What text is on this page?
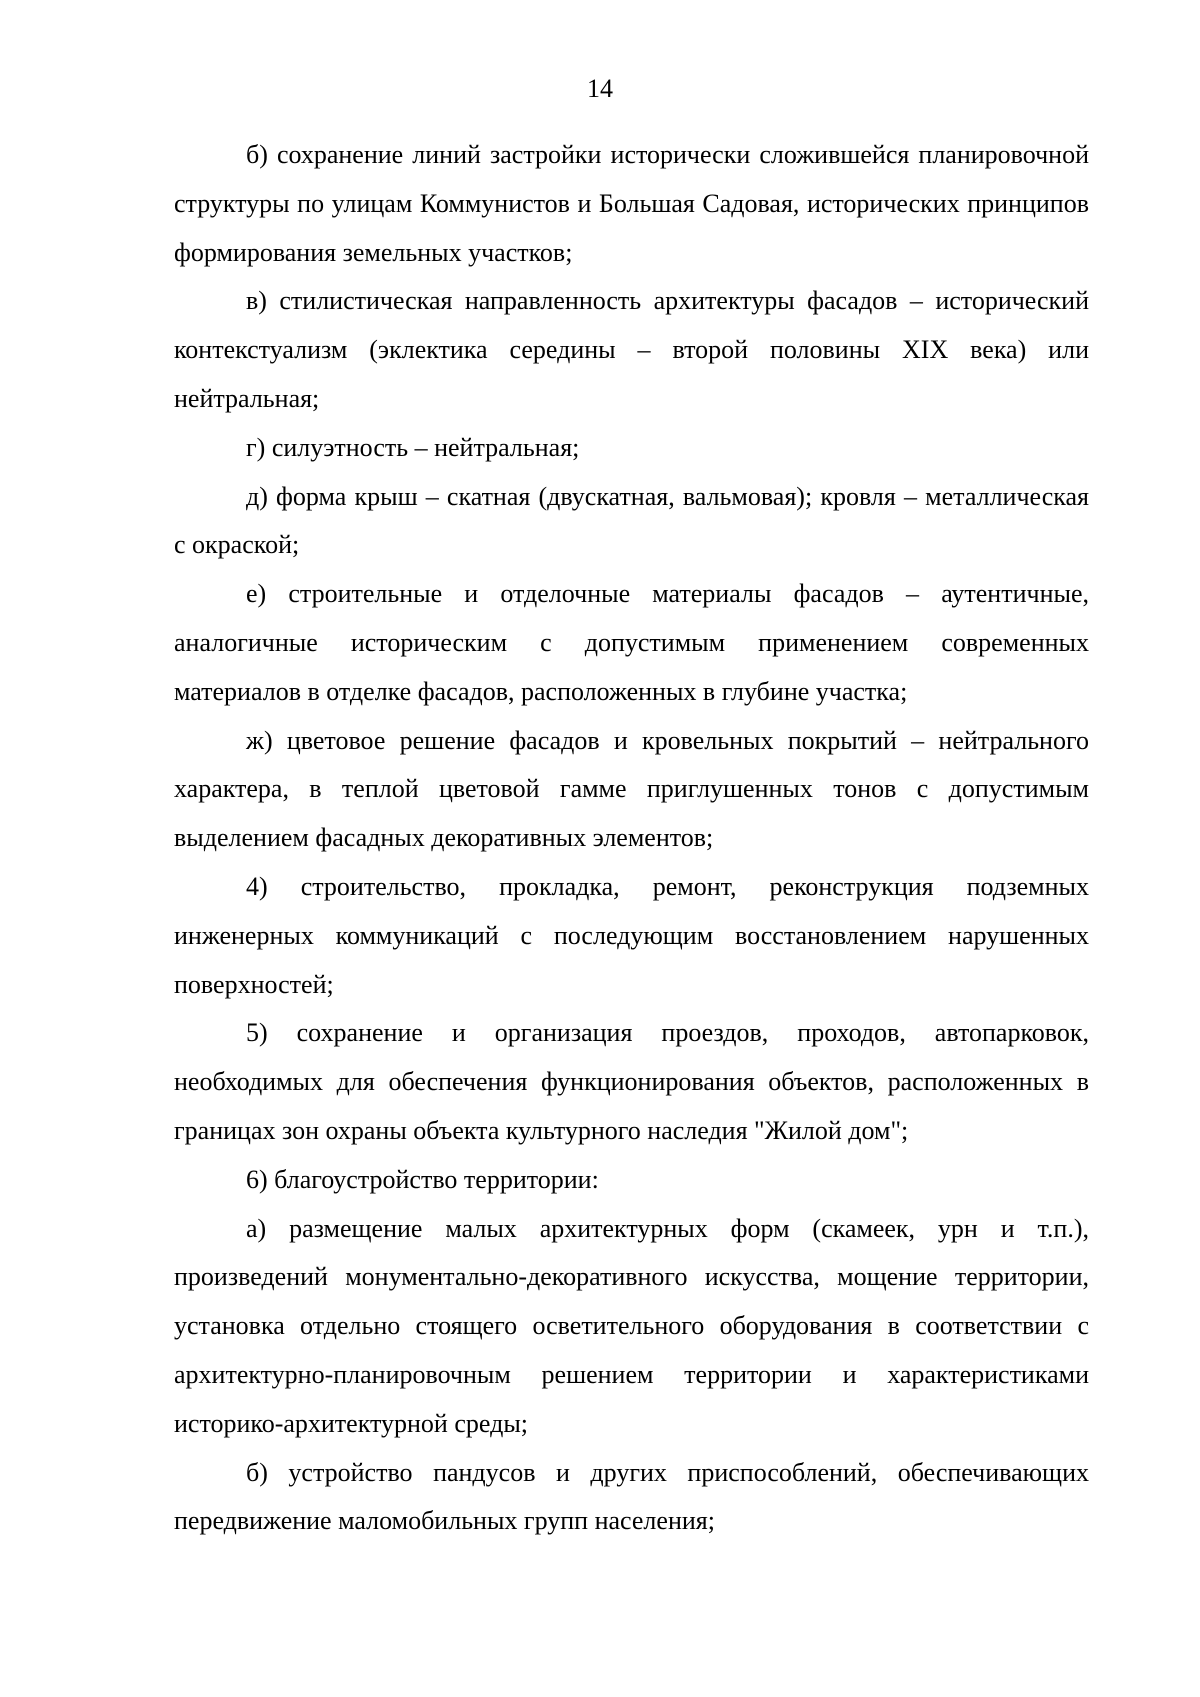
14

б) сохранение линий застройки исторически сложившейся планировочной структуры по улицам Коммунистов и Большая Садовая, исторических принципов формирования земельных участков;

в) стилистическая направленность архитектуры фасадов – исторический контекстуализм (эклектика середины – второй половины XIX века) или нейтральная;

г) силуэтность – нейтральная;

д) форма крыш – скатная (двускатная, вальмовая); кровля – металлическая с окраской;

е) строительные и отделочные материалы фасадов – аутентичные, аналогичные историческим с допустимым применением современных материалов в отделке фасадов, расположенных в глубине участка;

ж) цветовое решение фасадов и кровельных покрытий – нейтрального характера, в теплой цветовой гамме приглушенных тонов с допустимым выделением фасадных декоративных элементов;

4) строительство, прокладка, ремонт, реконструкция подземных инженерных коммуникаций с последующим восстановлением нарушенных поверхностей;

5) сохранение и организация проездов, проходов, автопарковок, необходимых для обеспечения функционирования объектов, расположенных в границах зон охраны объекта культурного наследия "Жилой дом";

6) благоустройство территории:

а) размещение малых архитектурных форм (скамеек, урн и т.п.), произведений монументально-декоративного искусства, мощение территории, установка отдельно стоящего осветительного оборудования в соответствии с архитектурно-планировочным решением территории и характеристиками историко-архитектурной среды;

б) устройство пандусов и других приспособлений, обеспечивающих передвижение маломобильных групп населения;
